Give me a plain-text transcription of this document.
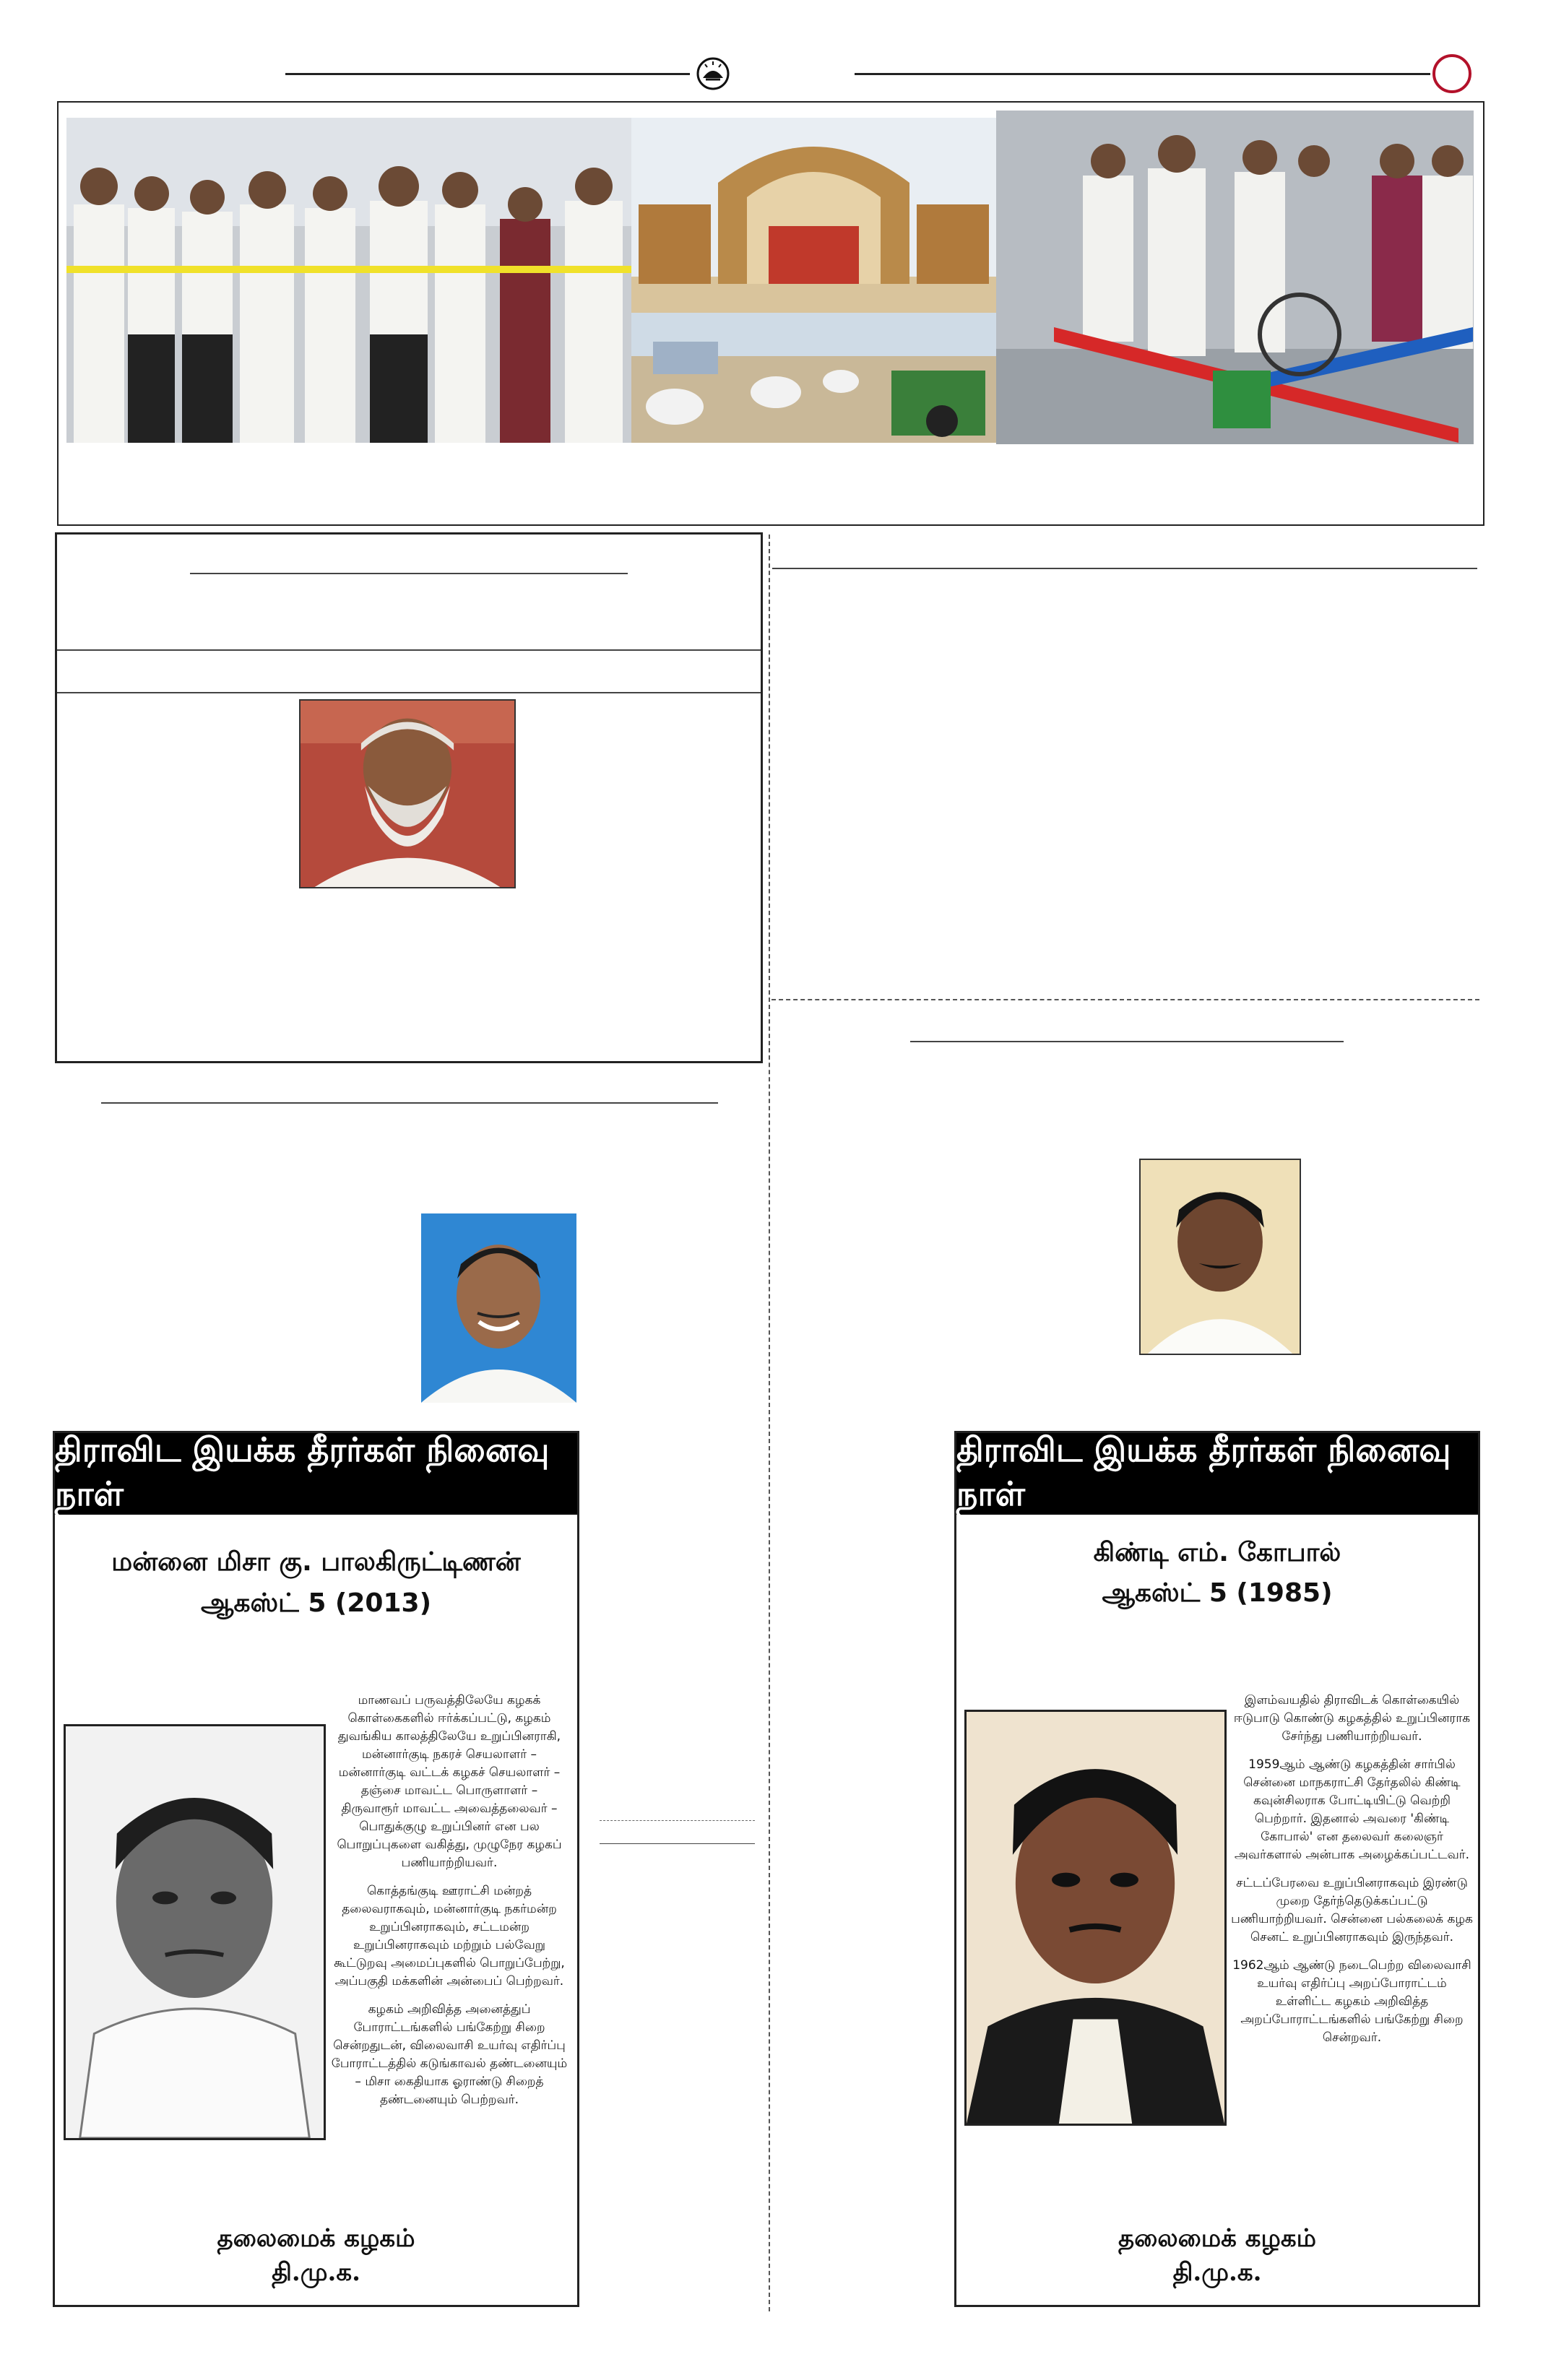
திராவிட இயக்க தீரர்கள் நினைவு நாள்
மன்னை மிசா கு. பாலகிருட்டிணன்
ஆகஸ்ட் 5 (2013)

மாணவப் பருவத்திலேயே கழகக் கொள்கைகளில் ஈர்க்கப்பட்டு, கழகம் துவங்கிய காலத்திலேயே உறுப்பினராகி, மன்னார்குடி நகரச் செயலாளர் – மன்னார்குடி வட்டக் கழகச் செயலாளர் – தஞ்சை மாவட்ட பொருளாளர் – திருவாரூர் மாவட்ட அவைத்தலைவர் – பொதுக்குழு உறுப்பினர் என பல பொறுப்புகளை வகித்து, முழுநேர கழகப் பணியாற்றியவர்.

கொத்தங்குடி ஊராட்சி மன்றத் தலைவராகவும், மன்னார்குடி நகர்மன்ற உறுப்பினராகவும், சட்டமன்ற உறுப்பினராகவும் மற்றும் பல்வேறு கூட்டுறவு அமைப்புகளில் பொறுப்பேற்று, அப்பகுதி மக்களின் அன்பைப் பெற்றவர்.

கழகம் அறிவித்த அனைத்துப் போராட்டங்களில் பங்கேற்று சிறை சென்றதுடன், விலைவாசி உயர்வு எதிர்ப்பு போராட்டத்தில் கடுங்காவல் தண்டனையும் – மிசா கைதியாக ஓராண்டு சிறைத் தண்டனையும் பெற்றவர்.

தலைமைக் கழகம்
தி.மு.க.
திராவிட இயக்க தீரர்கள் நினைவு நாள்
கிண்டி எம். கோபால்
ஆகஸ்ட் 5 (1985)

இளம்வயதில் திராவிடக் கொள்கையில் ஈடுபாடு கொண்டு கழகத்தில் உறுப்பினராக சேர்ந்து பணியாற்றியவர்.

1959ஆம் ஆண்டு கழகத்தின் சார்பில் சென்னை மாநகராட்சி தேர்தலில் கிண்டி கவுன்சிலராக போட்டியிட்டு வெற்றி பெற்றார். இதனால் அவரை 'கிண்டி கோபால்' என தலைவர் கலைஞர் அவர்களால் அன்பாக அழைக்கப்பட்டவர்.

சட்டப்பேரவை உறுப்பினராகவும் இரண்டு முறை தேர்ந்தெடுக்கப்பட்டு பணியாற்றியவர். சென்னை பல்கலைக் கழக செனட் உறுப்பினராகவும் இருந்தவர்.

1962ஆம் ஆண்டு நடைபெற்ற விலைவாசி உயர்வு எதிர்ப்பு அறப்போராட்டம் உள்ளிட்ட கழகம் அறிவித்த அறப்போராட்டங்களில் பங்கேற்று சிறை சென்றவர்.

தலைமைக் கழகம்
தி.மு.க.
